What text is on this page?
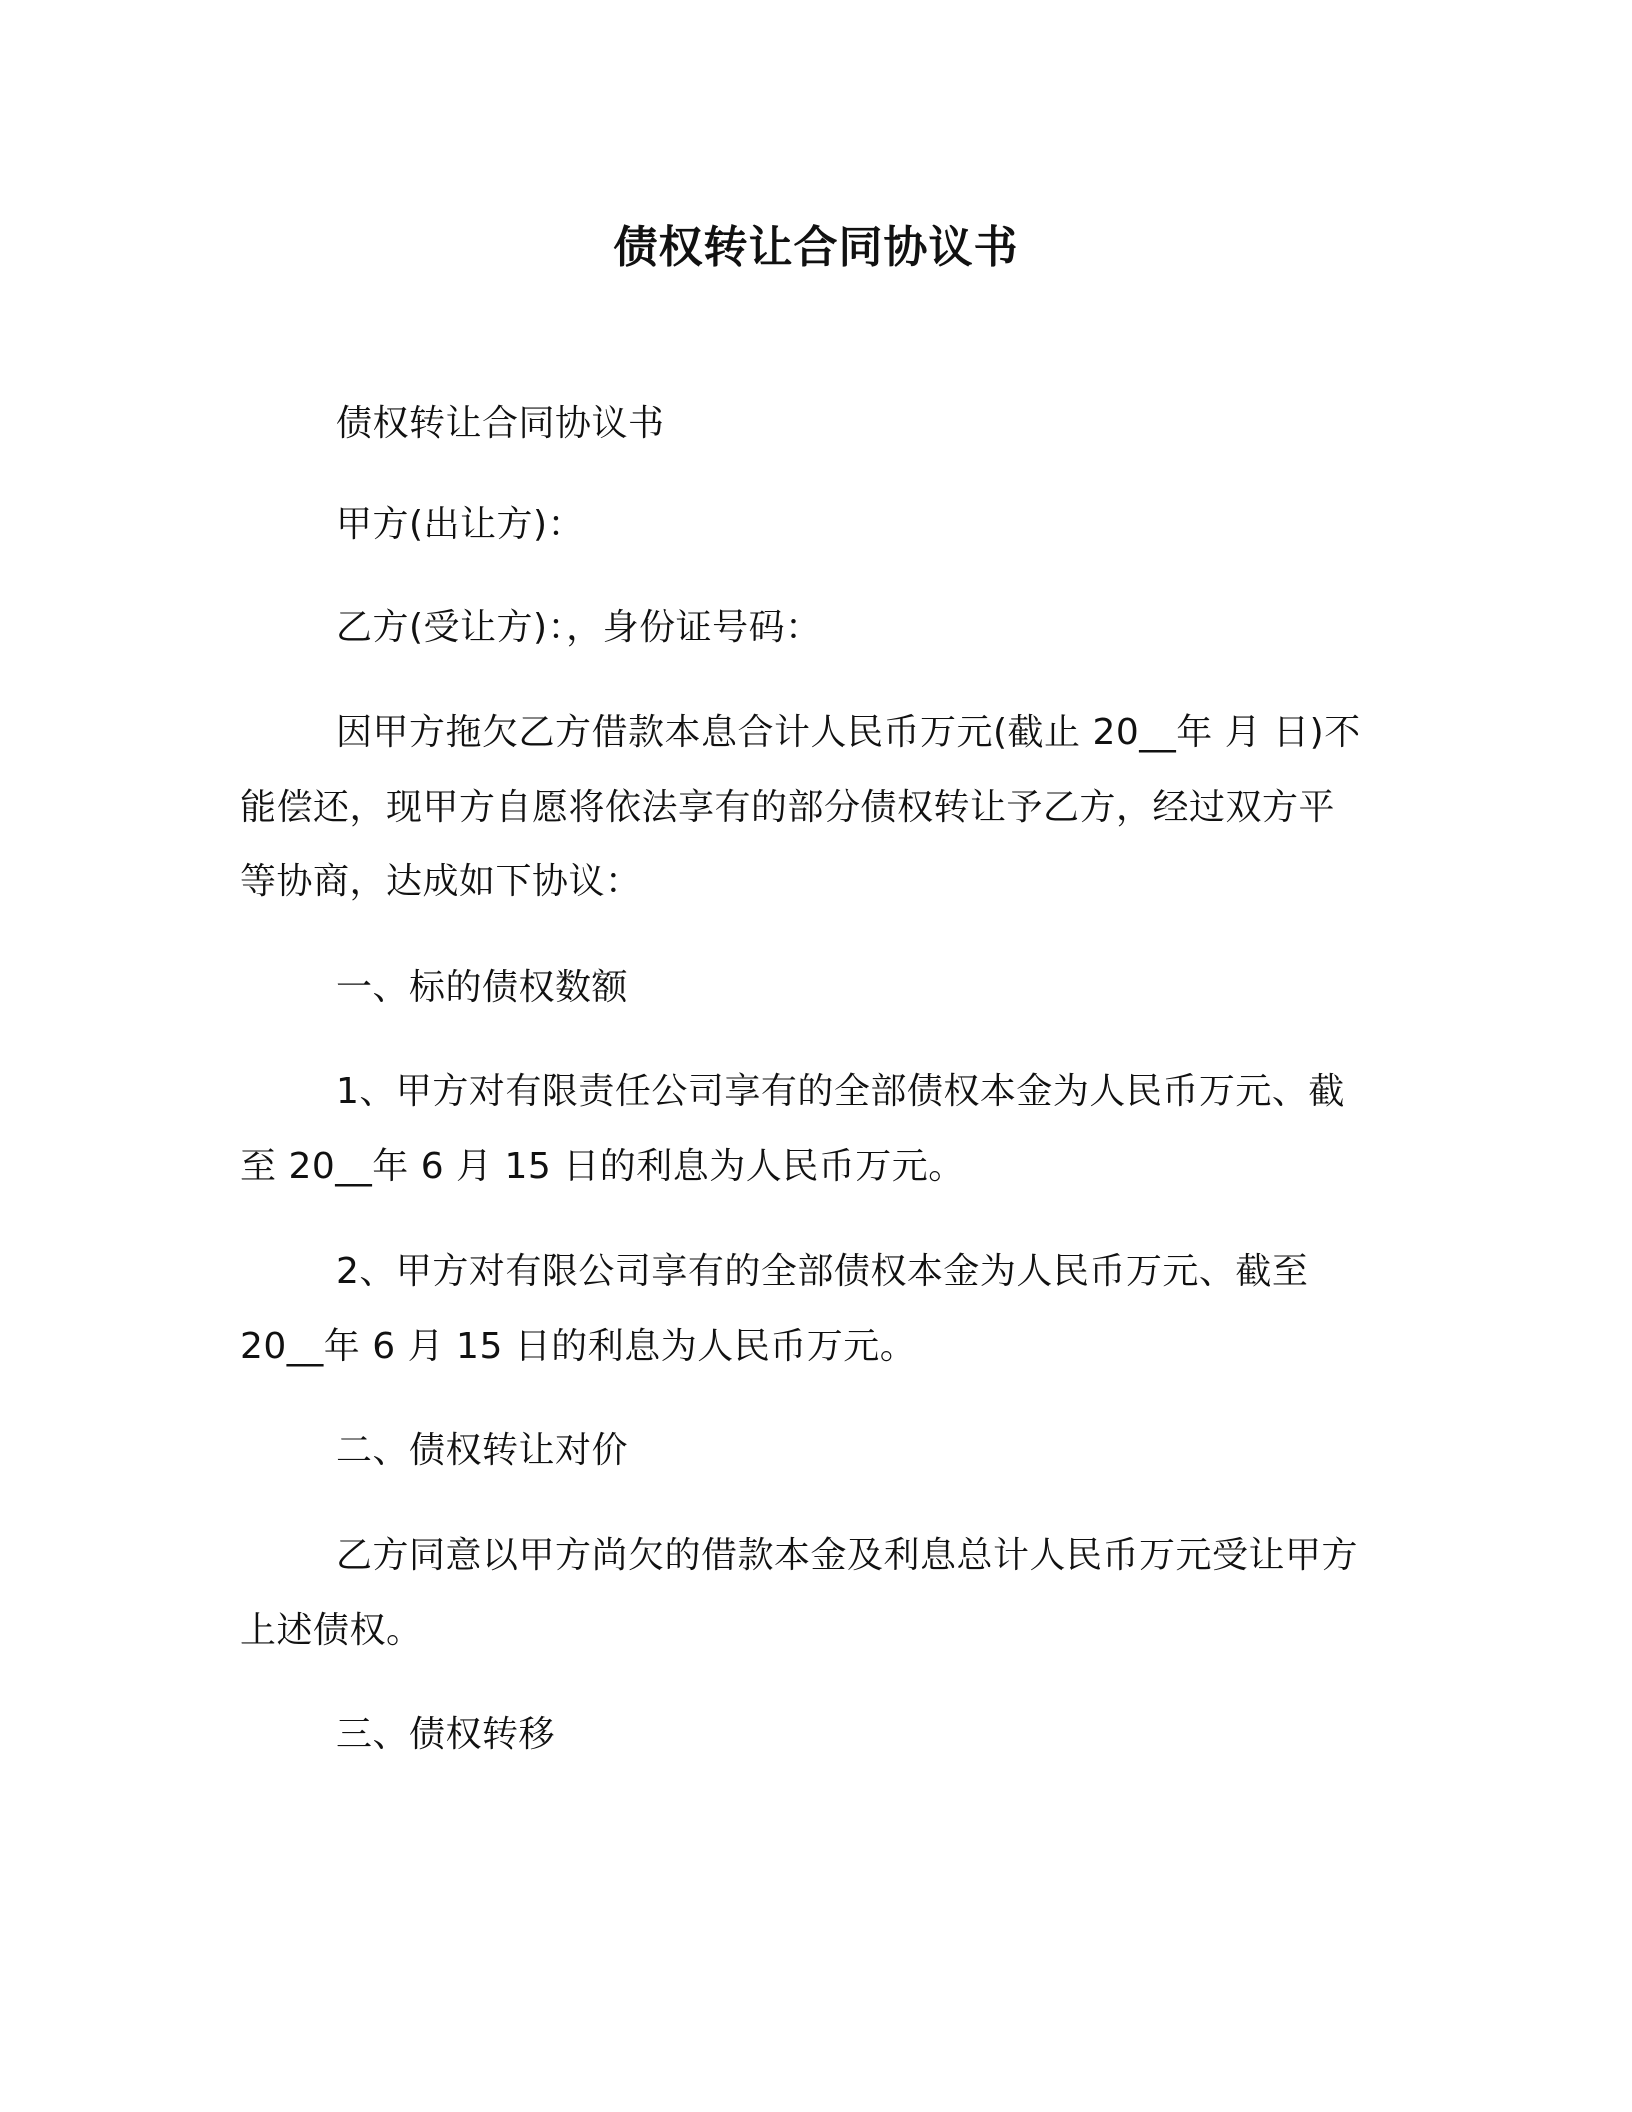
债权转让合同协议书
债权转让合同协议书
甲方(出让方)：
乙方(受让方)：，身份证号码：
因甲方拖欠乙方借款本息合计人民币万元(截止 20__年 月 日)不
能偿还，现甲方自愿将依法享有的部分债权转让予乙方，经过双方平
等协商，达成如下协议：
一、标的债权数额
1、甲方对有限责任公司享有的全部债权本金为人民币万元、截
至 20__年 6 月 15 日的利息为人民币万元。
2、甲方对有限公司享有的全部债权本金为人民币万元、截至
20__年 6 月 15 日的利息为人民币万元。
二、债权转让对价
乙方同意以甲方尚欠的借款本金及利息总计人民币万元受让甲方
上述债权。
三、债权转移
